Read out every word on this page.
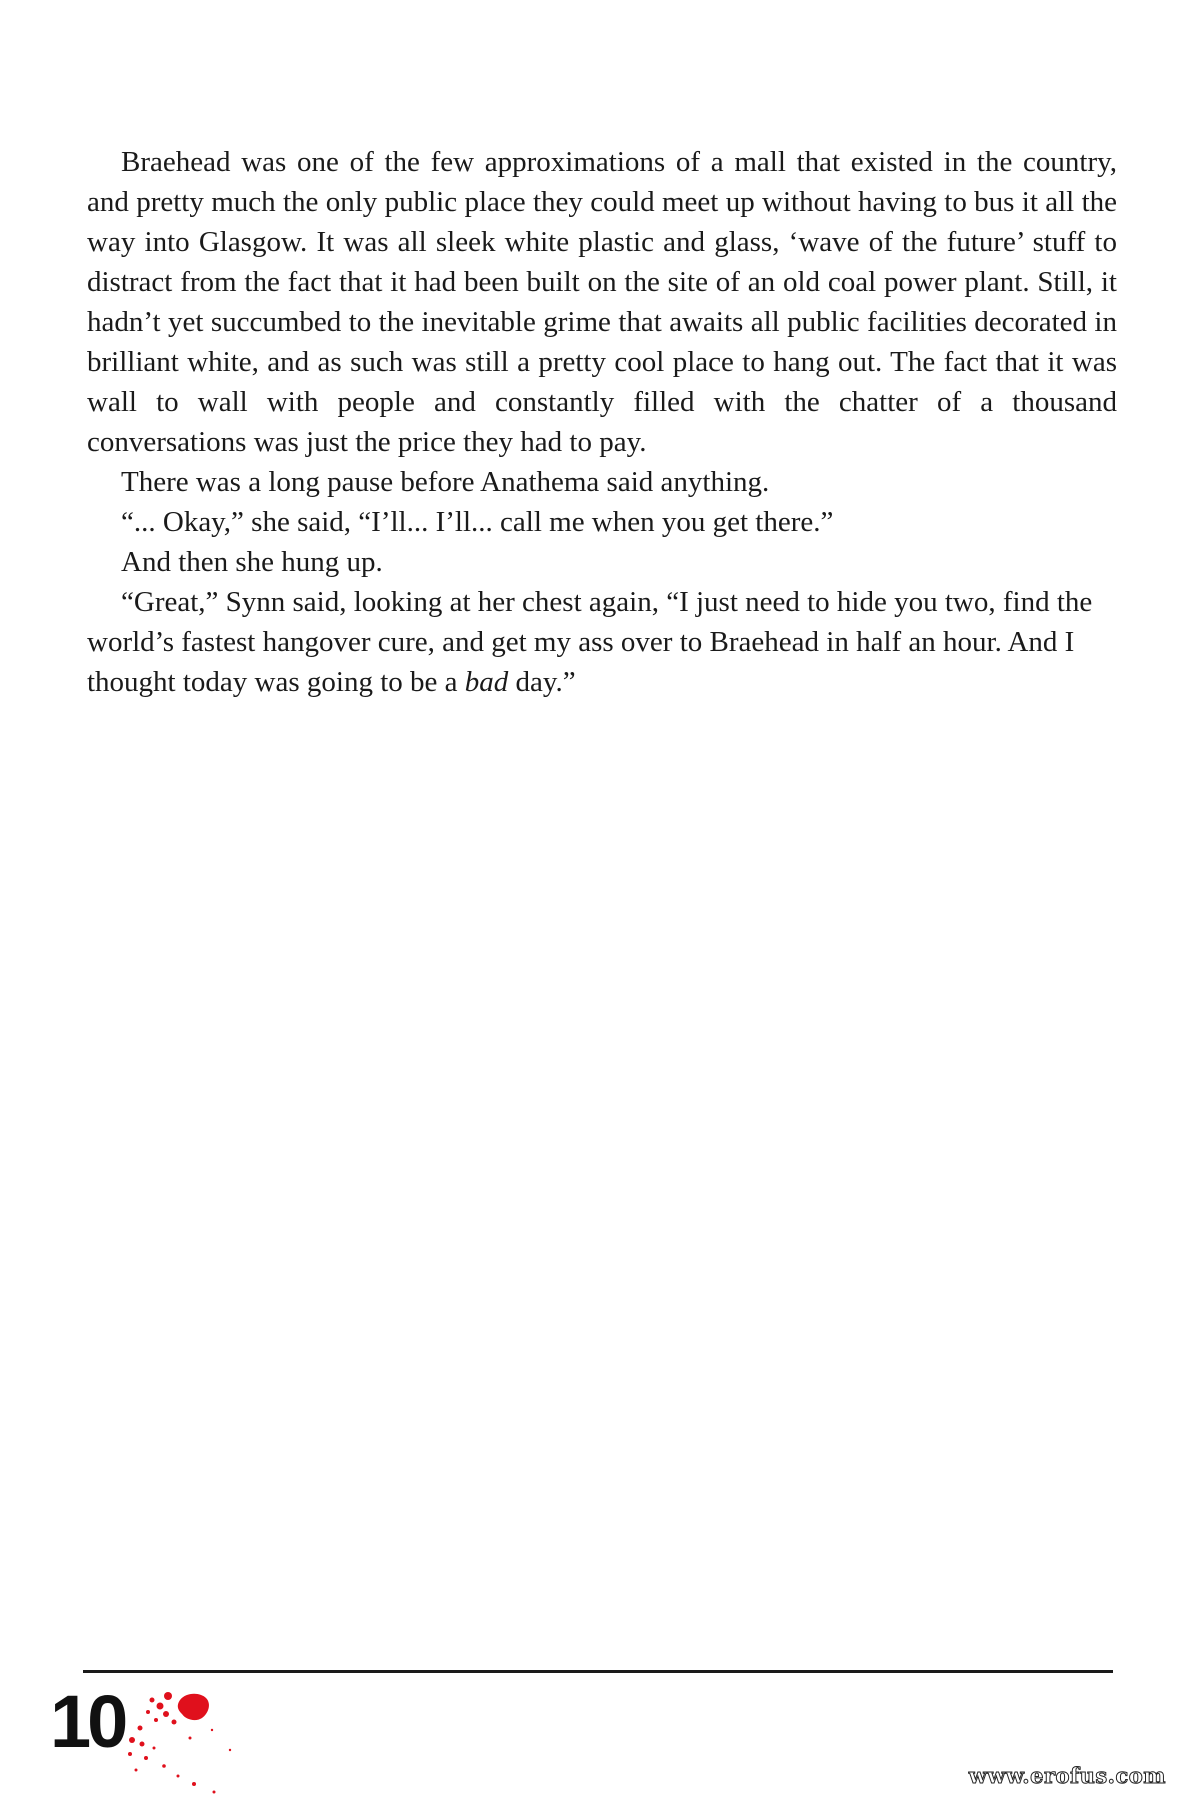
Braehead was one of the few approximations of a mall that existed in the country, and pretty much the only public place they could meet up without having to bus it all the way into Glasgow. It was all sleek white plastic and glass, ‘wave of the future’ stuff to distract from the fact that it had been built on the site of an old coal power plant. Still, it hadn’t yet succumbed to the inevitable grime that awaits all public facilities decorated in brilliant white, and as such was still a pretty cool place to hang out. The fact that it was wall to wall with people and constantly filled with the chatter of a thousand conversations was just the price they had to pay.

There was a long pause before Anathema said anything.

“... Okay,” she said, “I’ll... I’ll... call me when you get there.”

And then she hung up.

“Great,” Synn said, looking at her chest again, “I just need to hide you two, find the world’s fastest hangover cure, and get my ass over to Braehead in half an hour. And I thought today was going to be a bad day.”

10
www.erofus.com
